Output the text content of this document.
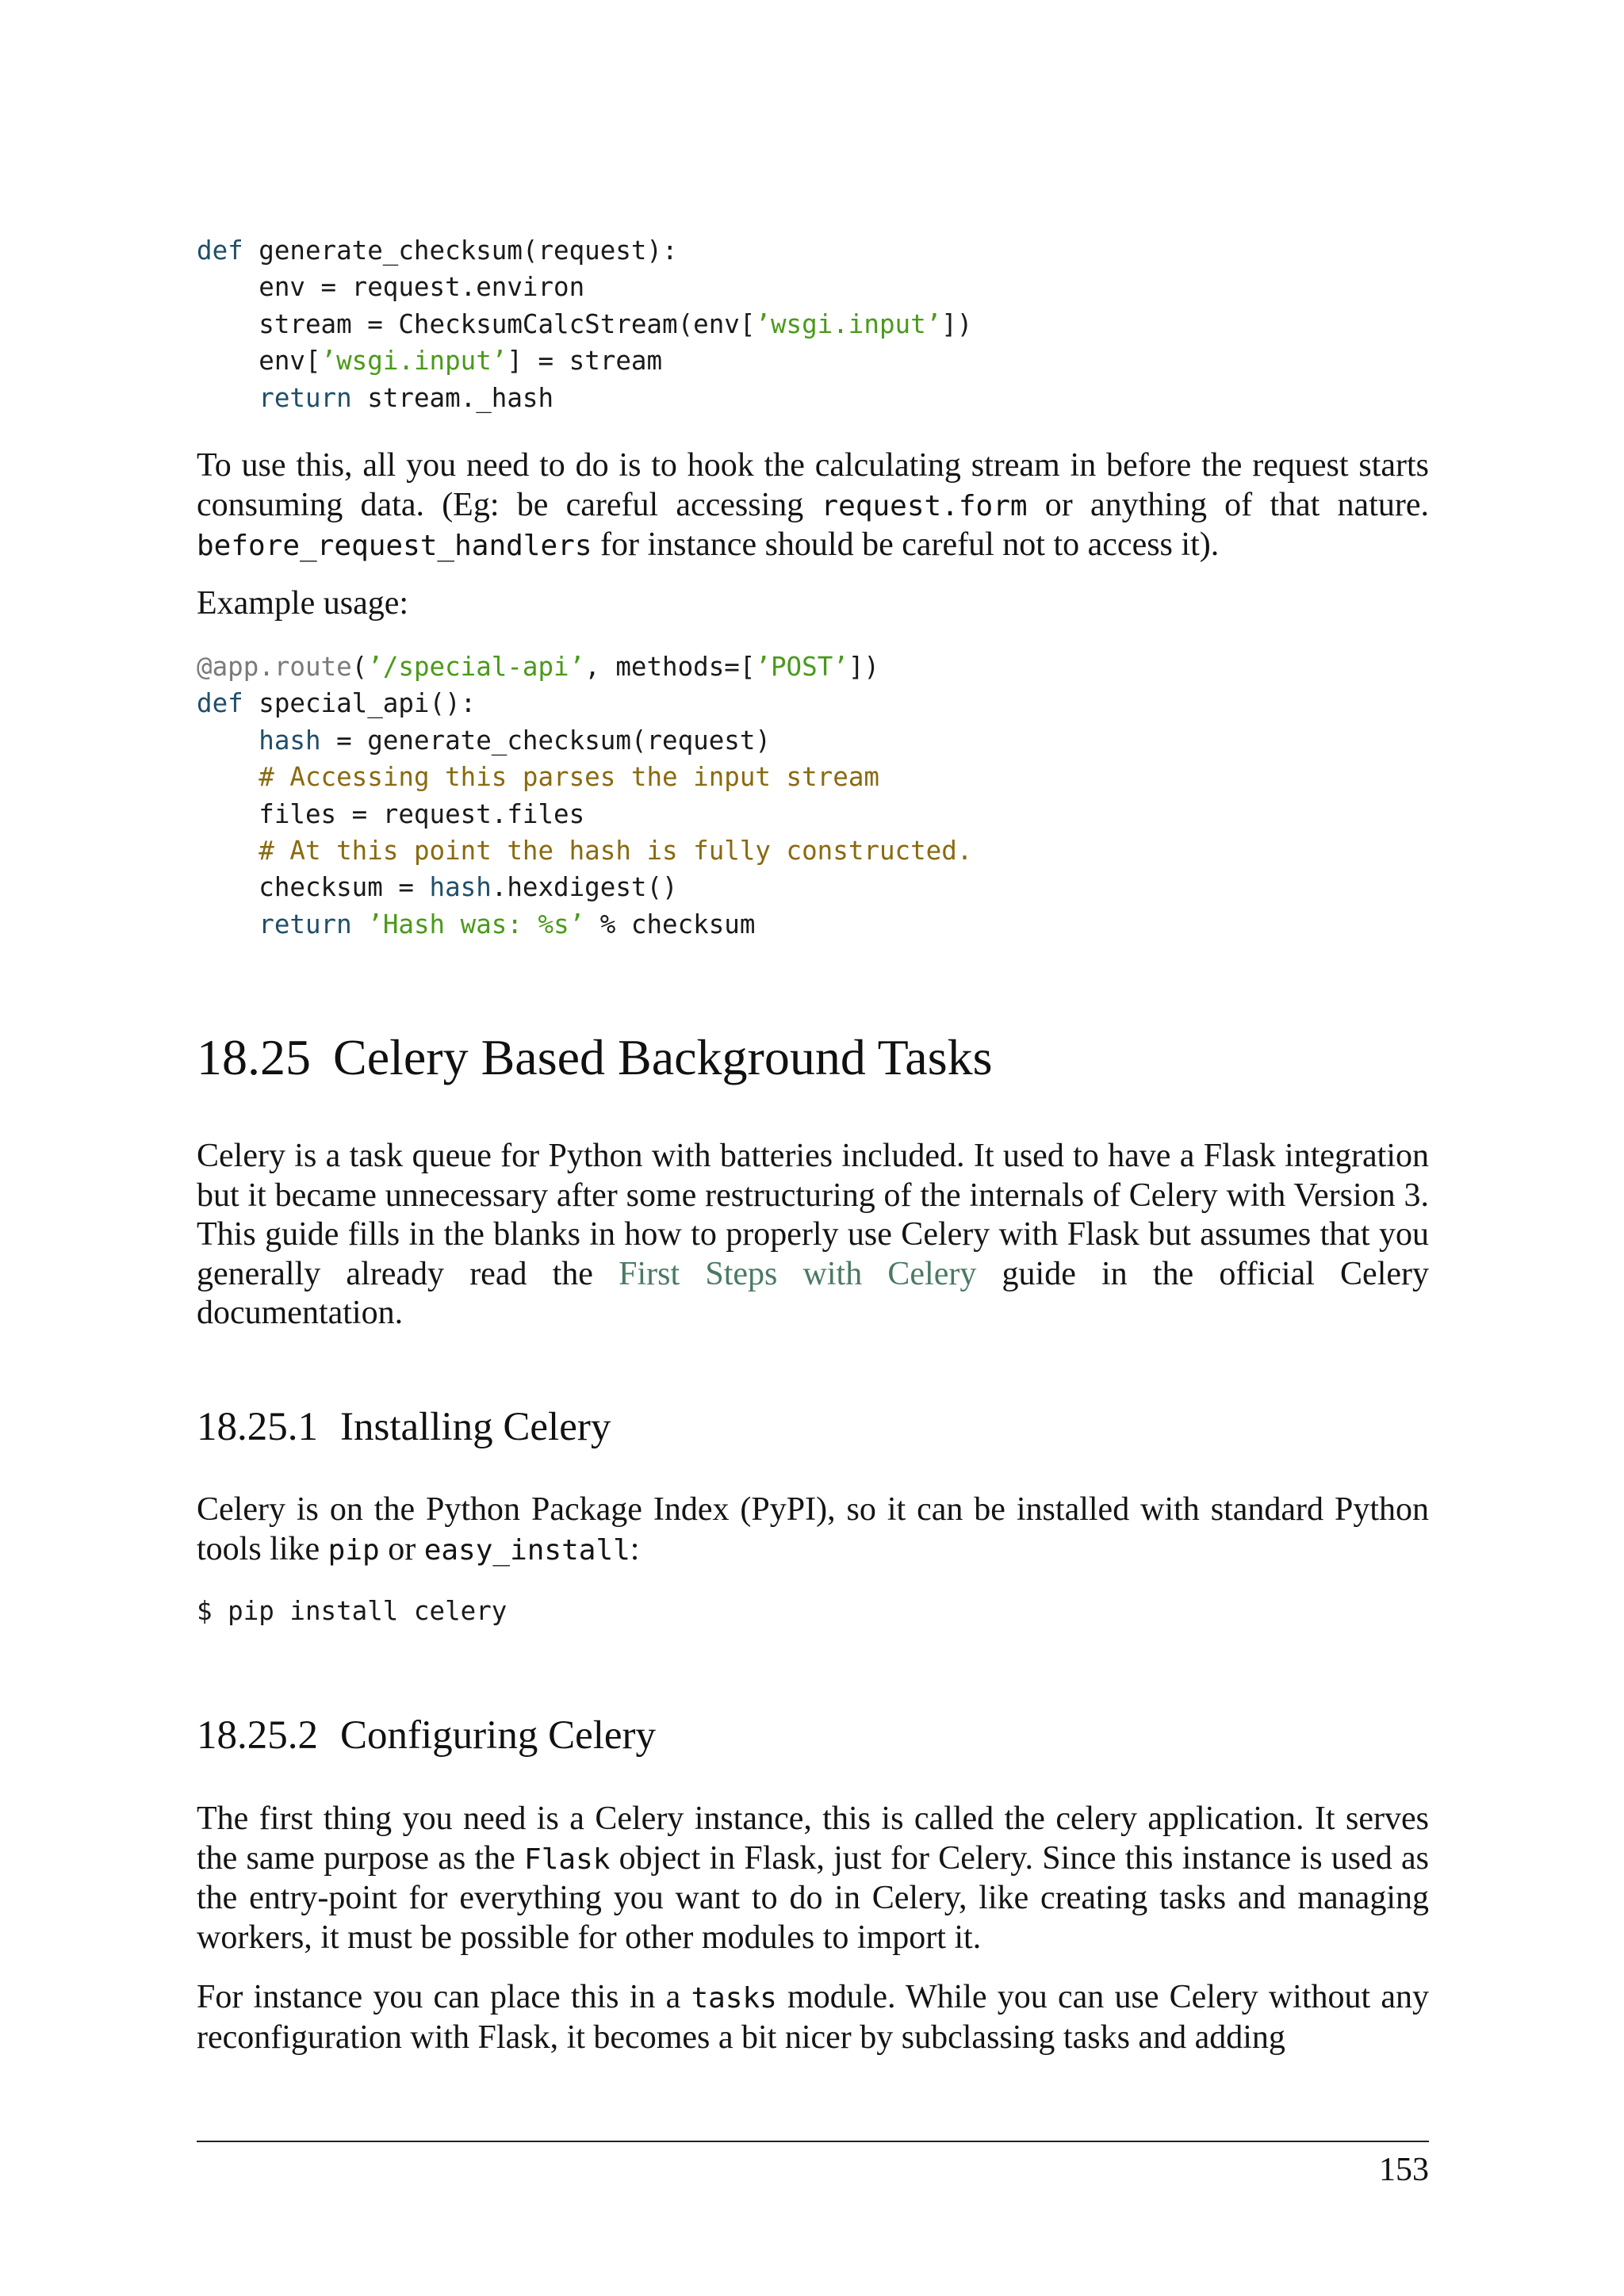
def generate_checksum(request):
env = request.environ
stream = ChecksumCalcStream(env[’wsgi.input’])
env[’wsgi.input’] = stream
return stream._hash

To use this, all you need to do is to hook the calculating stream in before the request starts consuming data. (Eg: be careful accessing request.form or anything of that nature. before_request_handlers for instance should be careful not to access it).

Example usage:

@app.route(’/special-api’, methods=[’POST’])
def special_api():
hash = generate_checksum(request)
# Accessing this parses the input stream
files = request.files
# At this point the hash is fully constructed.
checksum = hash.hexdigest()
return ’Hash was: %s’ % checksum
18.25 Celery Based Background Tasks

Celery is a task queue for Python with batteries included. It used to have a Flask integration but it became unnecessary after some restructuring of the internals of Celery with Version 3. This guide fills in the blanks in how to properly use Celery with Flask but assumes that you generally already read the First Steps with Celery guide in the official Celery documentation.

18.25.1 Installing Celery

Celery is on the Python Package Index (PyPI), so it can be installed with standard Python tools like pip or easy_install:

$ pip install celery
18.25.2 Configuring Celery

The first thing you need is a Celery instance, this is called the celery application. It serves the same purpose as the Flask object in Flask, just for Celery. Since this instance is used as the entry-point for everything you want to do in Celery, like creating tasks and managing workers, it must be possible for other modules to import it.

For instance you can place this in a tasks module. While you can use Celery without any reconfiguration with Flask, it becomes a bit nicer by subclassing tasks and adding

153
